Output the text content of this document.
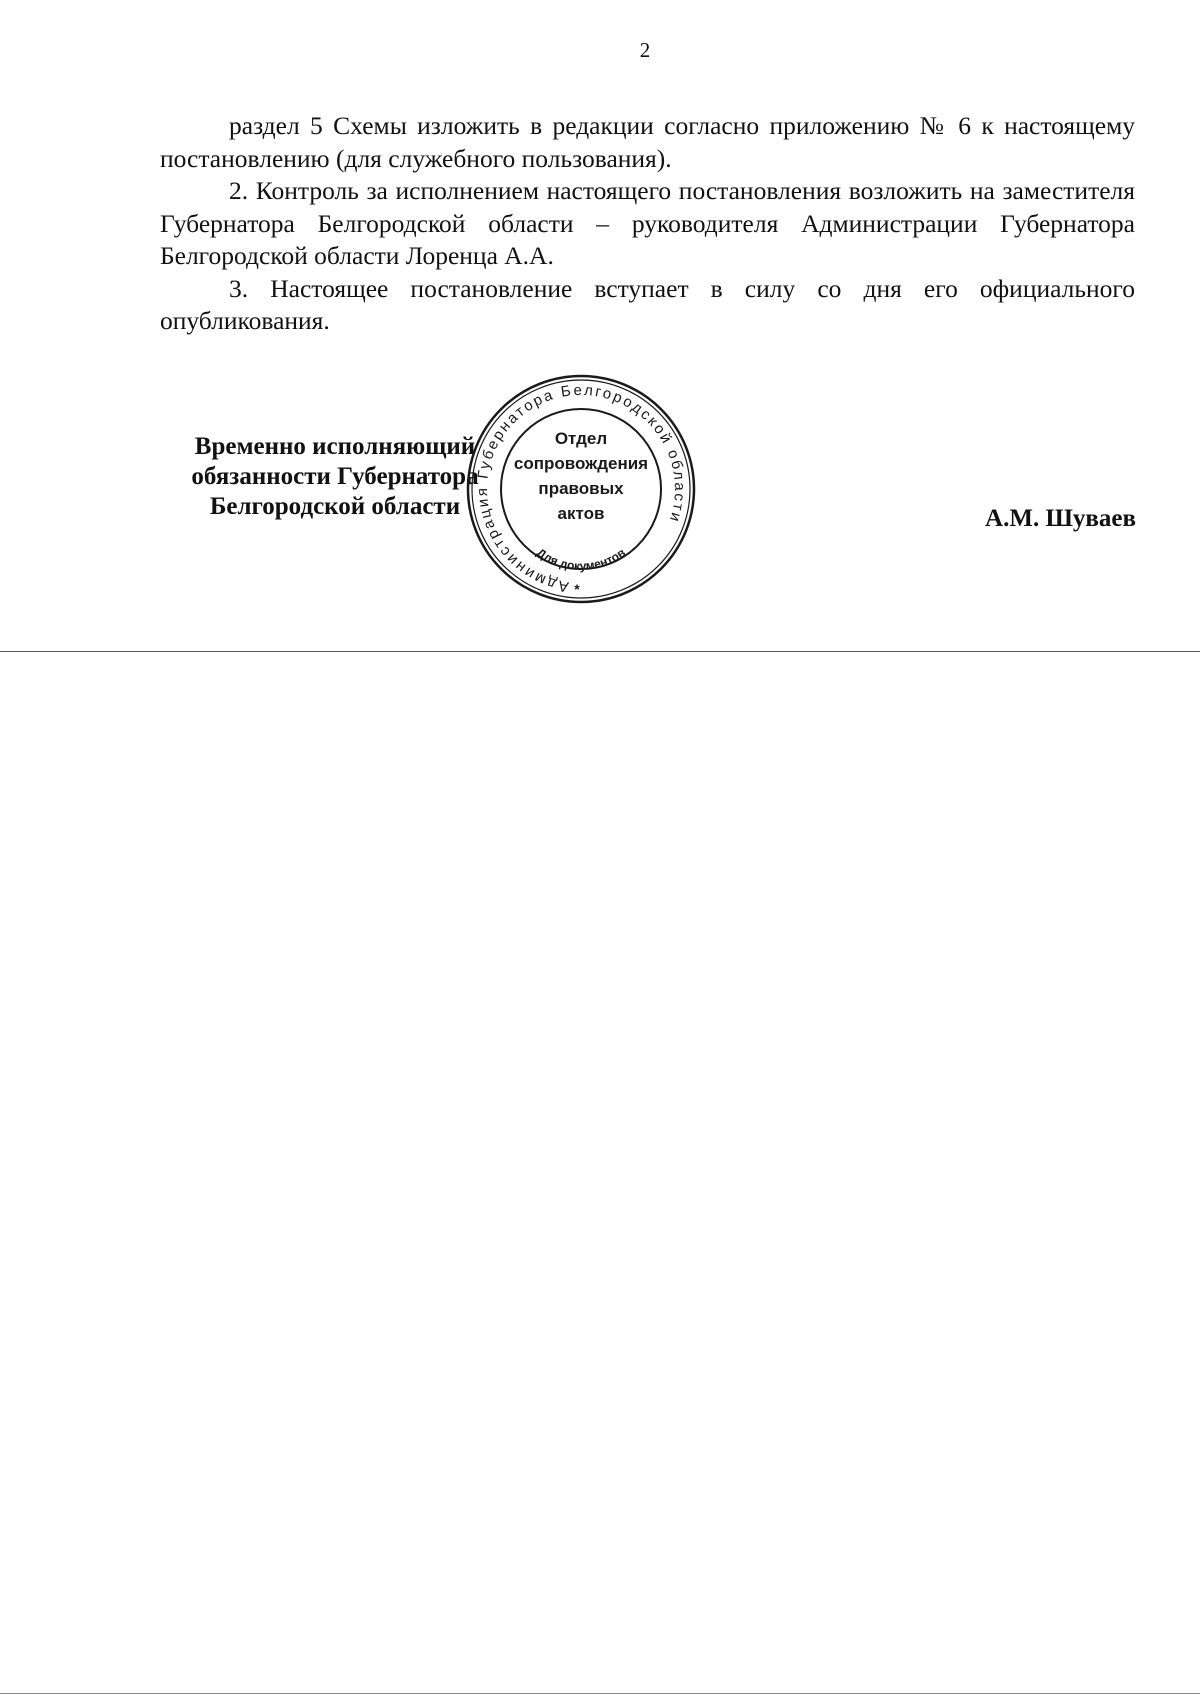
2

раздел 5 Схемы изложить в редакции согласно приложению № 6 к настоящему постановлению (для служебного пользования).

2. Контроль за исполнением настоящего постановления возложить на заместителя Губернатора Белгородской области – руководителя Администрации Губернатора Белгородской области Лоренца А.А.

3. Настоящее постановление вступает в силу со дня его официального опубликования.

Временно исполняющий
обязанности Губернатора
Белгородской области	А.М. Шуваев
Администрация Губернатора Белгородской области
Для документов
Отдел
сопровождения
правовых
актов
*
